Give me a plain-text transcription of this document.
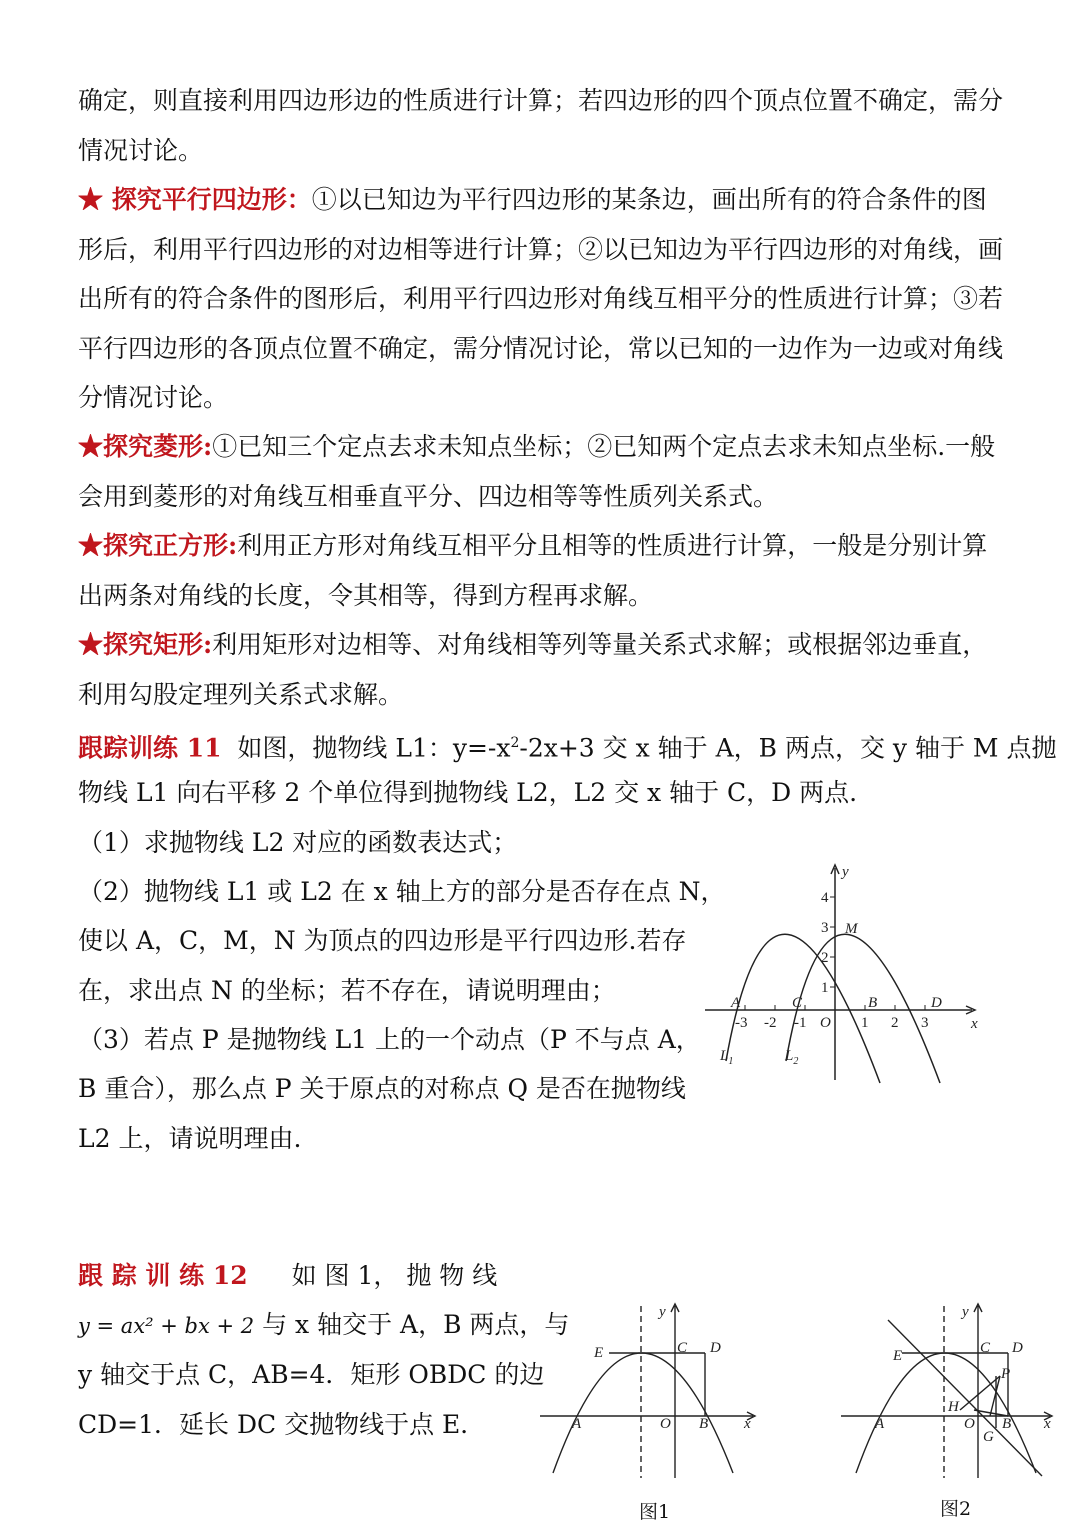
确定，则直接利用四边形边的性质进行计算；若四边形的四个顶点位置不确定，需分情况讨论。

★ 探究平行四边形：①以已知边为平行四边形的某条边，画出所有的符合条件的图形后，利用平行四边形的对边相等进行计算；②以已知边为平行四边形的对角线，画出所有的符合条件的图形后，利用平行四边形对角线互相平分的性质进行计算；③若平行四边形的各顶点位置不确定，需分情况讨论，常以已知的一边作为一边或对角线分情况讨论。

★探究菱形:①已知三个定点去求未知点坐标；②已知两个定点去求未知点坐标.一般会用到菱形的对角线互相垂直平分、四边相等等性质列关系式。

★探究正方形:利用正方形对角线互相平分且相等的性质进行计算，一般是分别计算出两条对角线的长度，令其相等，得到方程再求解。

★探究矩形:利用矩形对边相等、对角线相等列等量关系式求解；或根据邻边垂直，利用勾股定理列关系式求解。

跟踪训练 11 如图，抛物线 L1：$y=-x^2-2x+3$ 交 x 轴于 A，B 两点，交 y 轴于 M 点抛
物线 L1 向右平移 2 个单位得到抛物线 L2，L2 交 x 轴于 C，D 两点.
（1）求抛物线 L2 对应的函数表达式；
（2）抛物线 L1 或 L2 在 x 轴上方的部分是否存在点 N，
使以 A，C，M，N 为顶点的四边形是平行四边形.若存
在，求出点 N 的坐标；若不存在，请说明理由；
（3）若点 P 是抛物线 L1 上的一个动点（P 不与点 A，
B 重合），那么点 P 关于原点的对称点 Q 是否在抛物线
L2 上，请说明理由.
y
x
O
4
3
2
1
-3 -2 -1	1 2 3
A	B
C	D
M
$L_1$	$L_2$
跟 踪 训 练 12 如 图 1， 抛 物 线
y = ax² + bx + 2 与 x 轴交于 A，B 两点，与
y 轴交于点 C，AB=4．矩形 OBDC 的边
CD=1．延长 DC 交抛物线于点 E．
y
x
A	O B
E	C D
图1
y
x
A	O B
E	C D
H
P
G
图2
